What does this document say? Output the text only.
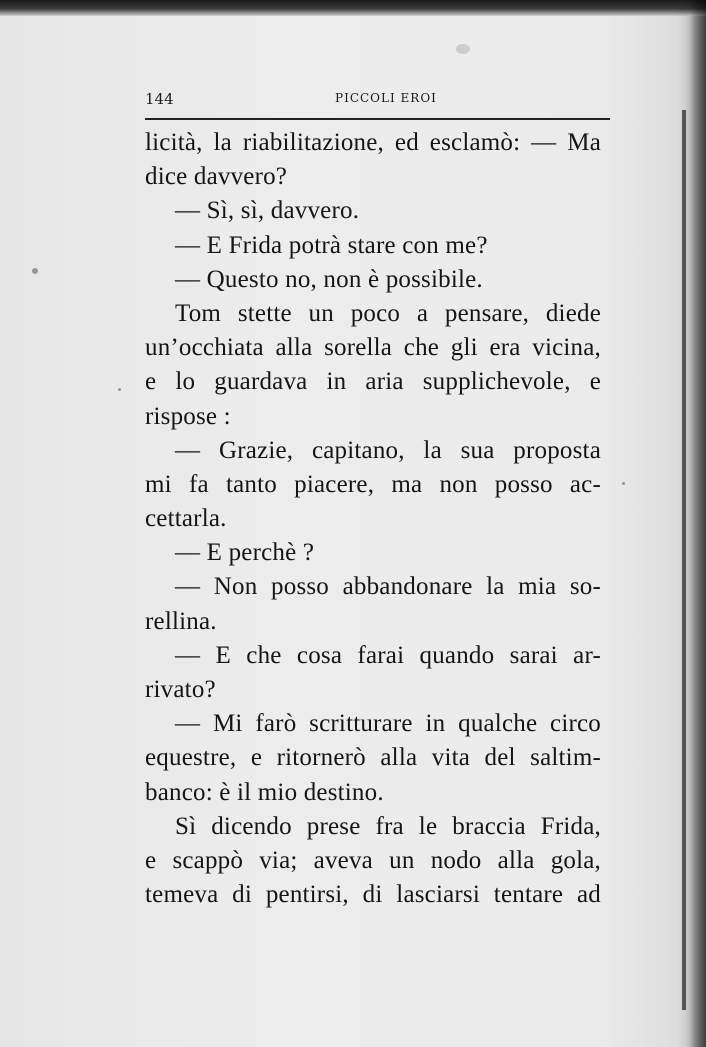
144	PICCOLI EROI
licità, la riabilitazione, ed esclamò: — Ma
dice davvero?
— Sì, sì, davvero.
— E Frida potrà stare con me?
— Questo no, non è possibile.
Tom stette un poco a pensare, diede
un’occhiata alla sorella che gli era vicina,
e lo guardava in aria supplichevole, e
rispose :
— Grazie, capitano, la sua proposta
mi fa tanto piacere, ma non posso ac-
cettarla.
— E perchè ?
— Non posso abbandonare la mia so-
rellina.
— E che cosa farai quando sarai ar-
rivato?
— Mi farò scritturare in qualche circo
equestre, e ritornerò alla vita del saltim-
banco: è il mio destino.
Sì dicendo prese fra le braccia Frida,
e scappò via; aveva un nodo alla gola,
temeva di pentirsi, di lasciarsi tentare ad
